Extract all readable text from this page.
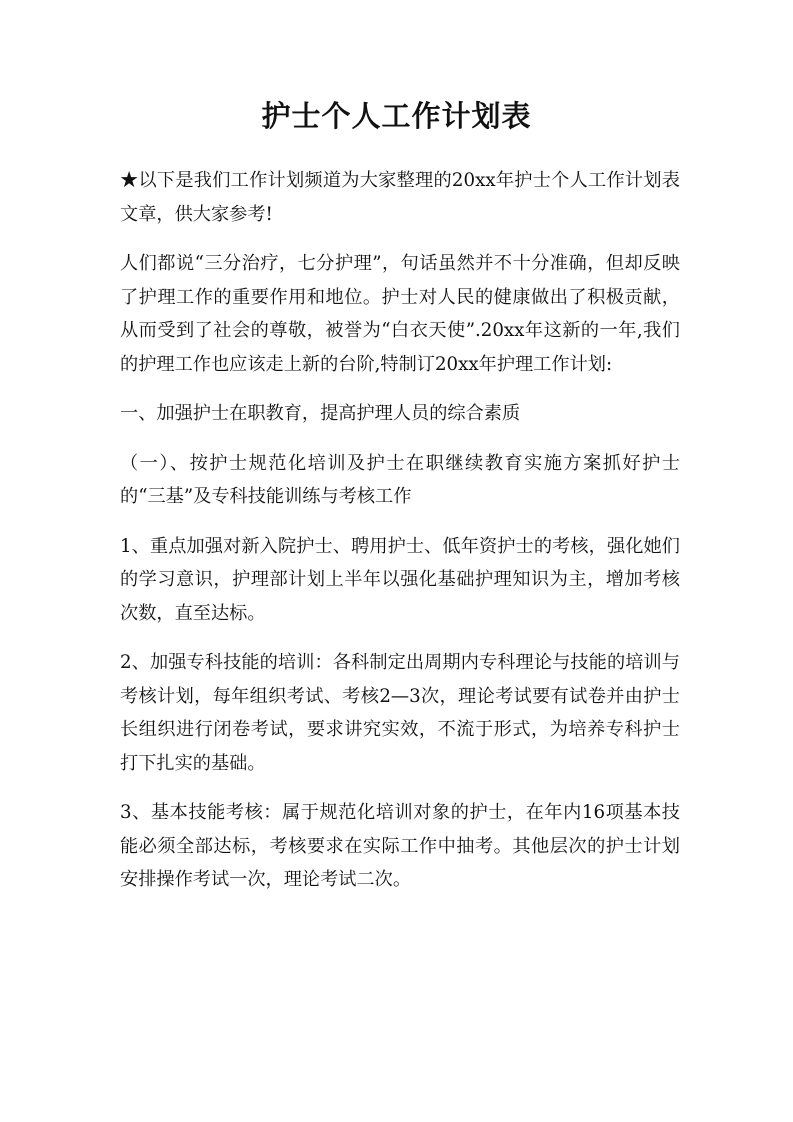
护士个人工作计划表

★以下是我们工作计划频道为大家整理的20xx年护士个人工作计划表文章，供大家参考!

人们都说“三分治疗，七分护理”，句话虽然并不十分准确，但却反映了护理工作的重要作用和地位。护士对人民的健康做出了积极贡献，从而受到了社会的尊敬，被誉为“白衣天使”.20xx年这新的一年,我们的护理工作也应该走上新的台阶,特制订20xx年护理工作计划:

一、加强护士在职教育，提高护理人员的综合素质

（一）、按护士规范化培训及护士在职继续教育实施方案抓好护士的“三基”及专科技能训练与考核工作

1、重点加强对新入院护士、聘用护士、低年资护士的考核，强化她们的学习意识，护理部计划上半年以强化基础护理知识为主，增加考核次数，直至达标。

2、加强专科技能的培训：各科制定出周期内专科理论与技能的培训与考核计划，每年组织考试、考核2—3次，理论考试要有试卷并由护士长组织进行闭卷考试，要求讲究实效，不流于形式，为培养专科护士打下扎实的基础。

3、基本技能考核：属于规范化培训对象的护士，在年内16项基本技能必须全部达标，考核要求在实际工作中抽考。其他层次的护士计划安排操作考试一次，理论考试二次。
